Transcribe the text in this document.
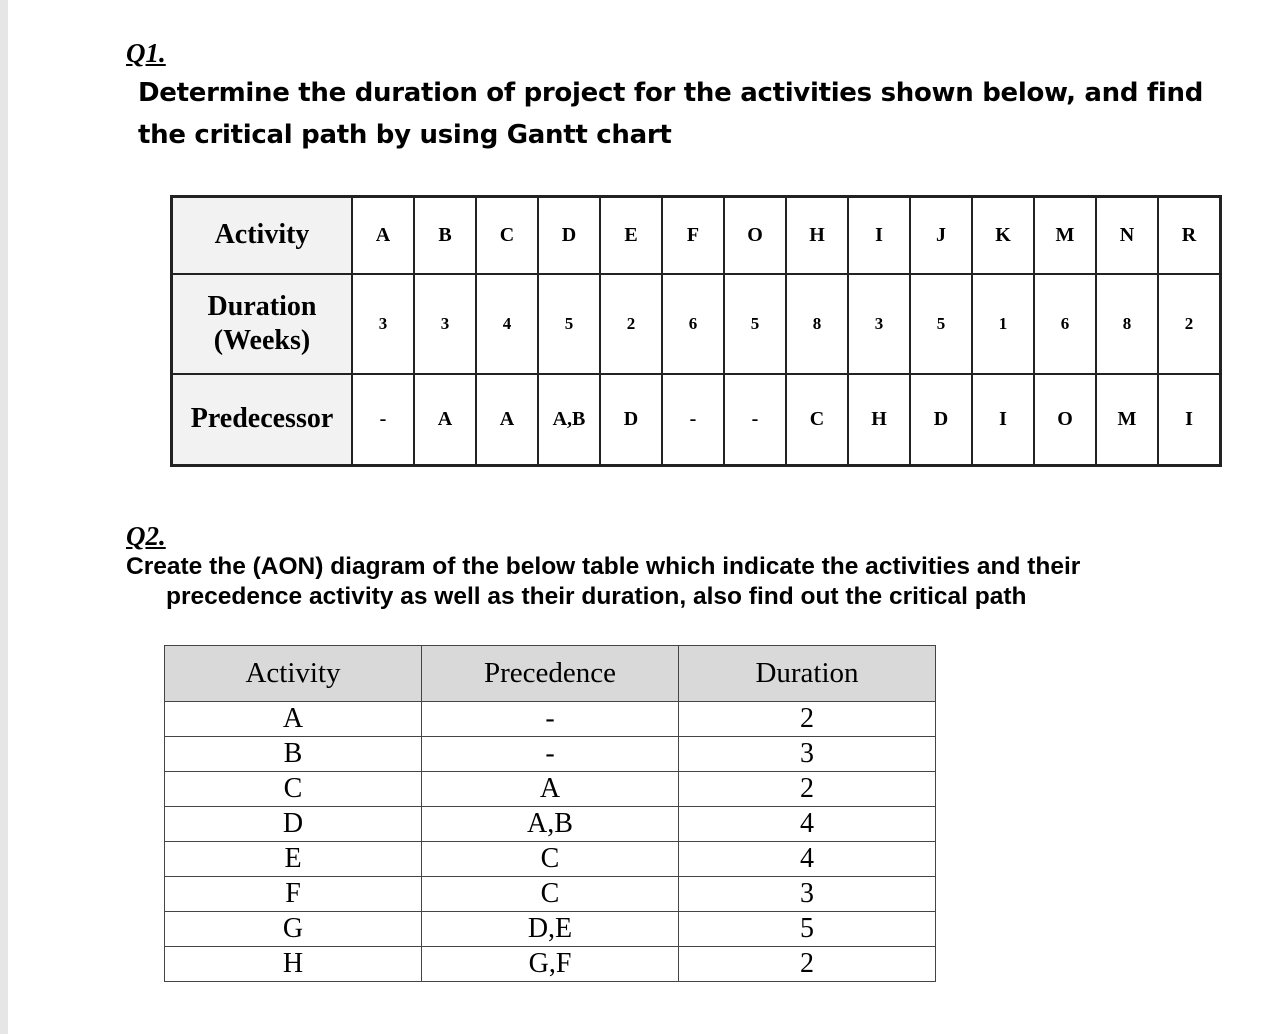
Q1.
Determine the duration of project for the activities shown below, and find the critical path by using Gantt chart
Activity	A	B	C	D	E	F	O	H	I	J	K	M	N	R
Duration (Weeks)	3	3	4	5	2	6	5	8	3	5	1	6	8	2
Predecessor	-	A	A	A,B	D	-	-	C	H	D	I	O	M	I
Q2.
Create the (AON) diagram of the below table which indicate the activities and their
precedence activity as well as their duration, also find out the critical path
Activity	Precedence	Duration
A	-	2
B	-	3
C	A	2
D	A,B	4
E	C	4
F	C	3
G	D,E	5
H	G,F	2
